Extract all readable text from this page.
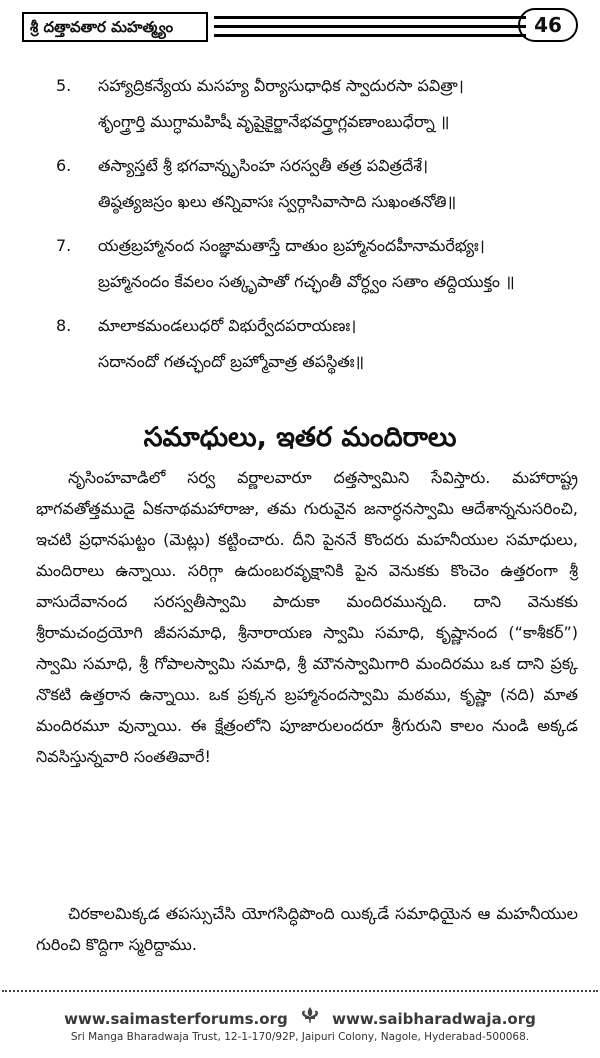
శ్రీ దత్తావతార మహత్మ్యం	46
5.	సహ్యాద్రికన్యేయ మసహ్య వీర్యాసుధాధిక స్వాదురసా పవిత్రా।
శృంగ్త్రార్తి ముగ్ధామహిషీ వృషైకైర్జానేభవర్త్రాగ్లవణాంబుధేర్నా ॥
6.	తస్యాస్తటే శ్రీ భగవాన్నృసింహ సరస్వతీ తత్ర పవిత్రదేశే।
తిష్ఠత్యజస్రం ఖలు తన్నివాసః స్వర్గాసివాసాది సుఖంతనోతి॥
7.	యత్రబ్రహ్మానంద సంజ్ఞామతాస్తే దాతుం బ్రహ్మానందహీనామరేభ్యః।
బ్రహ్మానందం కేవలం సత్కృపాతో గచ్ఛంతీ వోర్ధ్వం సతాం తద్దియుక్తం ॥
8.	మాలాకమండలుధరో విభుర్వేదపరాయణః।
సదానందో గతచ్ఛందో బ్రహ్మోవాత్ర తపస్థితః॥
సమాధులు, ఇతర మందిరాలు
నృసింహవాడిలో సర్వ వర్ణాలవారూ దత్తస్వామిని సేవిస్తారు. మహారాష్ట్ర భాగవతోత్తముడై ఏకనాథమహారాజు, తమ గురువైన జనార్ధనస్వామి ఆదేశాన్ననుసరించి, ఇచటి ప్రధానఘట్టం (మెట్లు) కట్టించారు. దీని పైననే కొందరు మహనీయుల సమాధులు, మందిరాలు ఉన్నాయి. సరిగ్గా ఉదుంబరవృక్షానికి పైన వెనుకకు కొంచెం ఉత్తరంగా శ్రీ వాసుదేవానంద సరస్వతీస్వామి పాదుకా మందిరమున్నది. దాని వెనుకకు శ్రీరామచంద్రయోగి జీవసమాధి, శ్రీనారాయణ స్వామి సమాధి, కృష్ణానంద (“కాశీకర్”) స్వామి సమాధి, శ్రీ గోపాలస్వామి సమాధి, శ్రీ మౌనస్వామిగారి మందిరము ఒక దాని ప్రక్క నొకటి ఉత్తరాన ఉన్నాయి. ఒక ప్రక్కన బ్రహ్మానందస్వామి మఠము, కృష్ణా (నది) మాత మందిరమూ వున్నాయి. ఈ క్షేత్రంలోని పూజారులందరూ శ్రీగురుని కాలం నుండి అక్కడ నివసిస్తున్నవారి సంతతివారే!
చిరకాలమిక్కడ తపస్సుచేసి యోగసిద్ధిపొంది యిక్కడే సమాధియైన ఆ మహనీయుల గురించి కొద్దిగా స్మరిద్దాము.
www.saimasterforums.org	www.saibharadwaja.org
Sri Manga Bharadwaja Trust, 12-1-170/92P, Jaipuri Colony, Nagole, Hyderabad-500068.
